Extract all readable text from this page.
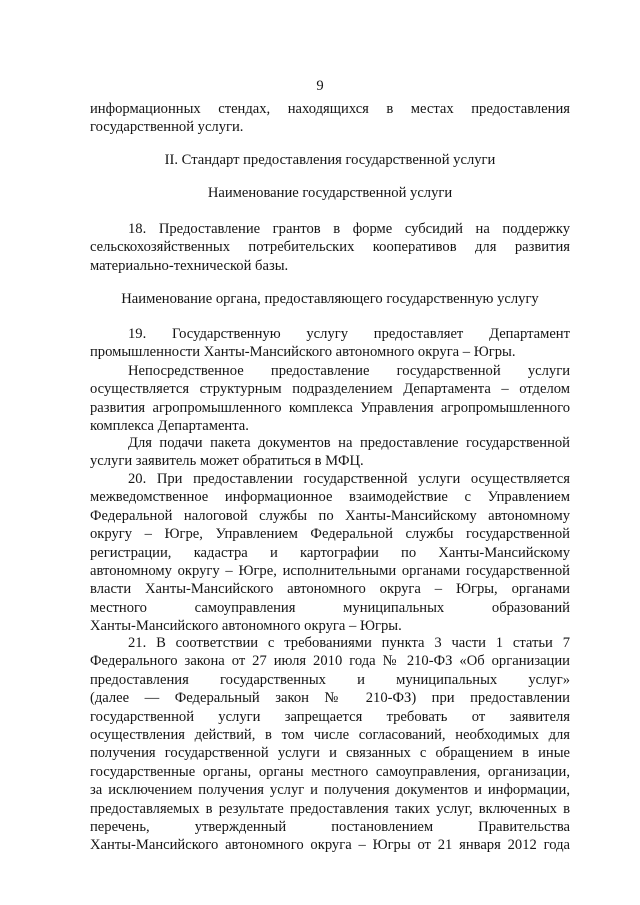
9

информационных стендах, находящихся в местах предоставления

государственной услуги.

II. Стандарт предоставления государственной услуги
Наименование государственной услуги

18. Предоставление грантов в форме субсидий на поддержку

сельскохозяйственных потребительских кооперативов для развития

материально-технической базы.

Наименование органа, предоставляющего государственную услугу

19. Государственную услугу предоставляет Департамент

промышленности Ханты-Мансийского автономного округа – Югры.

Непосредственное предоставление государственной услуги

осуществляется структурным подразделением Департамента – отделом

развития агропромышленного комплекса Управления агропромышленного

комплекса Департамента.

Для подачи пакета документов на предоставление государственной

услуги заявитель может обратиться в МФЦ.

20. При предоставлении государственной услуги осуществляется

межведомственное информационное взаимодействие с Управлением

Федеральной налоговой службы по Ханты-Мансийскому автономному

округу – Югре, Управлением Федеральной службы государственной

регистрации, кадастра и картографии по Ханты-Мансийскому

автономному округу – Югре, исполнительными органами государственной

власти Ханты-Мансийского автономного округа – Югры, органами

местного самоуправления муниципальных образований

Ханты-Мансийского автономного округа – Югры.

21. В соответствии с требованиями пункта 3 части 1 статьи 7

Федерального закона от 27 июля 2010 года № 210-ФЗ «Об организации

предоставления государственных и муниципальных услуг»

(далее — Федеральный закон № 210-ФЗ) при предоставлении

государственной услуги запрещается требовать от заявителя

осуществления действий, в том числе согласований, необходимых для

получения государственной услуги и связанных с обращением в иные

государственные органы, органы местного самоуправления, организации,

за исключением получения услуг и получения документов и информации,

предоставляемых в результате предоставления таких услуг, включенных в

перечень, утвержденный постановлением Правительства

Ханты-Мансийского автономного округа – Югры от 21 января 2012 года
